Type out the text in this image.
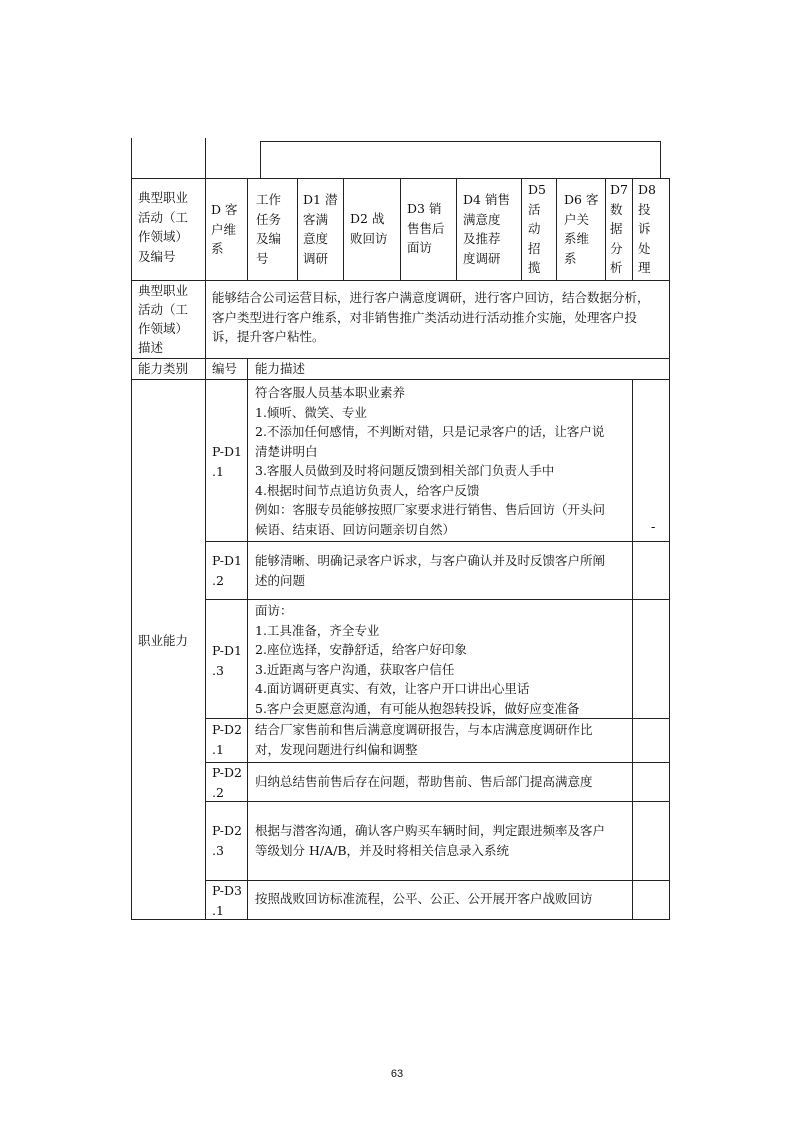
典型职业
活动（工
作领域）
及编号
D 客
户维
系
工作
任务
及编
号
D1 潜
客满
意度
调研
D2 战
败回访
D3 销
售售后
面访
D4 销售
满意度
及推荐
度调研
D5
活
动
招
揽
D6 客
户关
系维
系
D7
数
据
分
析
D8
投
诉
处
理
典型职业
活动（工
作领域）
描述
能够结合公司运营目标，进行客户满意度调研，进行客户回访，结合数据分析，
客户类型进行客户维系，对非销售推广类活动进行活动推介实施，处理客户投
诉，提升客户粘性。
能力类别 编号 能力描述
职业能力
P-D1
.1
符合客服人员基本职业素养
1.倾听、微笑、专业
2.不添加任何感情，不判断对错，只是记录客户的话，让客户说
清楚讲明白
3.客服人员做到及时将问题反馈到相关部门负责人手中
4.根据时间节点追访负责人，给客户反馈
例如：客服专员能够按照厂家要求进行销售、售后回访（开头问
候语、结束语、回访问题亲切自然）	-
P-D1
.2
能够清晰、明确记录客户诉求，与客户确认并及时反馈客户所阐
述的问题
P-D1
.3
面访：
1.工具准备，齐全专业
2.座位选择，安静舒适，给客户好印象
3.近距离与客户沟通，获取客户信任
4.面访调研更真实、有效，让客户开口讲出心里话
5.客户会更愿意沟通，有可能从抱怨转投诉，做好应变准备
P-D2
.1
结合厂家售前和售后满意度调研报告，与本店满意度调研作比
对，发现问题进行纠偏和调整
P-D2
.2
归纳总结售前售后存在问题，帮助售前、售后部门提高满意度
P-D2
.3
根据与潜客沟通，确认客户购买车辆时间，判定跟进频率及客户
等级划分 H/A/B，并及时将相关信息录入系统
P-D3
.1
按照战败回访标准流程，公平、公正、公开展开客户战败回访
63
